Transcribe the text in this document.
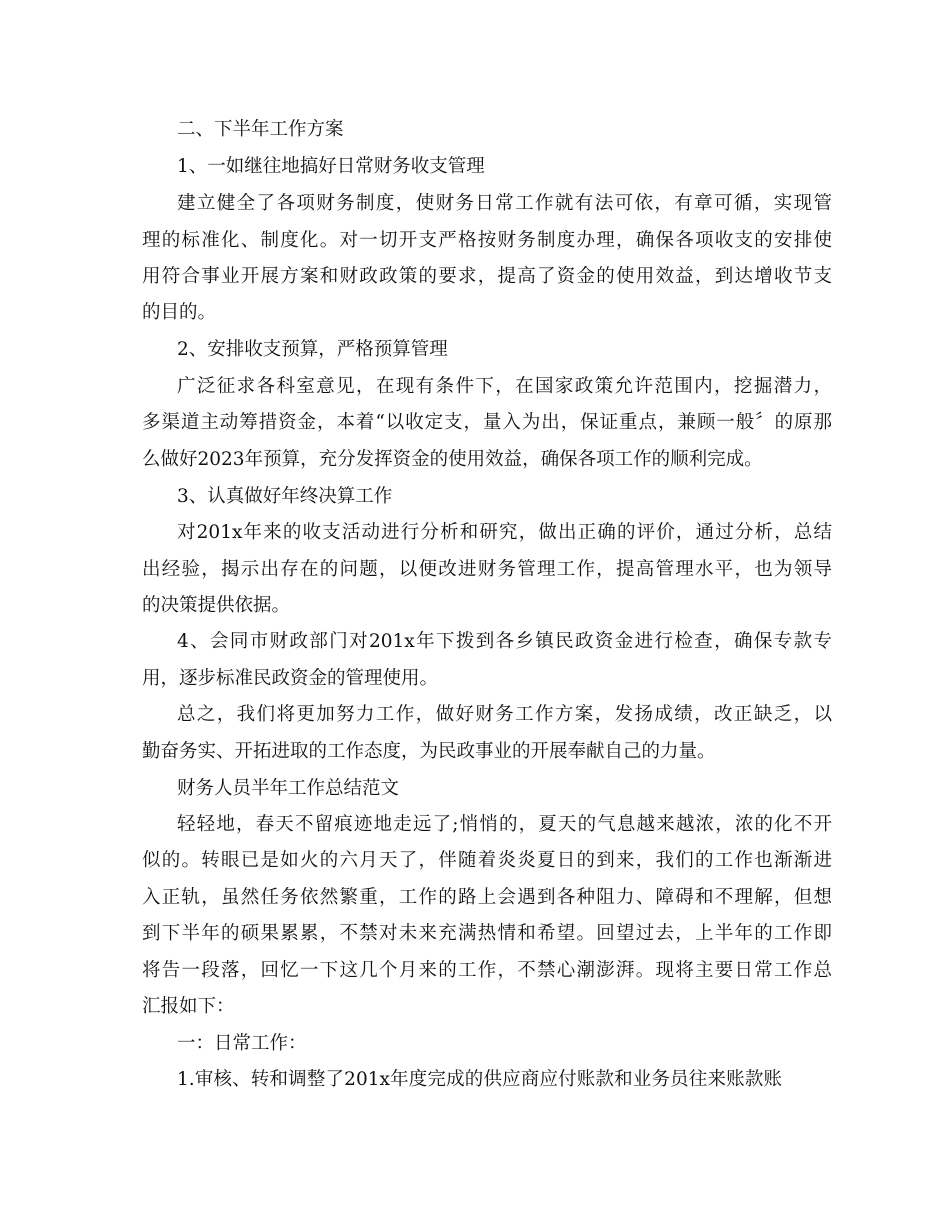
二、下半年工作方案
1、一如继往地搞好日常财务收支管理
建立健全了各项财务制度，使财务日常工作就有法可依，有章可循，实现管
理的标准化、制度化。对一切开支严格按财务制度办理，确保各项收支的安排使
用符合事业开展方案和财政政策的要求，提高了资金的使用效益，到达增收节支
的目的。
2、安排收支预算，严格预算管理
广泛征求各科室意见，在现有条件下，在国家政策允许范围内，挖掘潜力，
多渠道主动筹措资金，本着“以收定支，量入为出，保证重点，兼顾一般〞的原那
么做好2023年预算，充分发挥资金的使用效益，确保各项工作的顺利完成。
3、认真做好年终决算工作
对201x年来的收支活动进行分析和研究，做出正确的评价，通过分析，总结
出经验，揭示出存在的问题，以便改进财务管理工作，提高管理水平，也为领导
的决策提供依据。
4、会同市财政部门对201x年下拨到各乡镇民政资金进行检查，确保专款专
用，逐步标准民政资金的管理使用。
总之，我们将更加努力工作，做好财务工作方案，发扬成绩，改正缺乏，以
勤奋务实、开拓进取的工作态度，为民政事业的开展奉献自己的力量。
财务人员半年工作总结范文
轻轻地，春天不留痕迹地走远了;悄悄的，夏天的气息越来越浓，浓的化不开
似的。转眼已是如火的六月天了，伴随着炎炎夏日的到来，我们的工作也渐渐进
入正轨，虽然任务依然繁重，工作的路上会遇到各种阻力、障碍和不理解，但想
到下半年的硕果累累，不禁对未来充满热情和希望。回望过去，上半年的工作即
将告一段落，回忆一下这几个月来的工作，不禁心潮澎湃。现将主要日常工作总
汇报如下：
一：日常工作：
1.审核、转和调整了201x年度完成的供应商应付账款和业务员往来账款账
